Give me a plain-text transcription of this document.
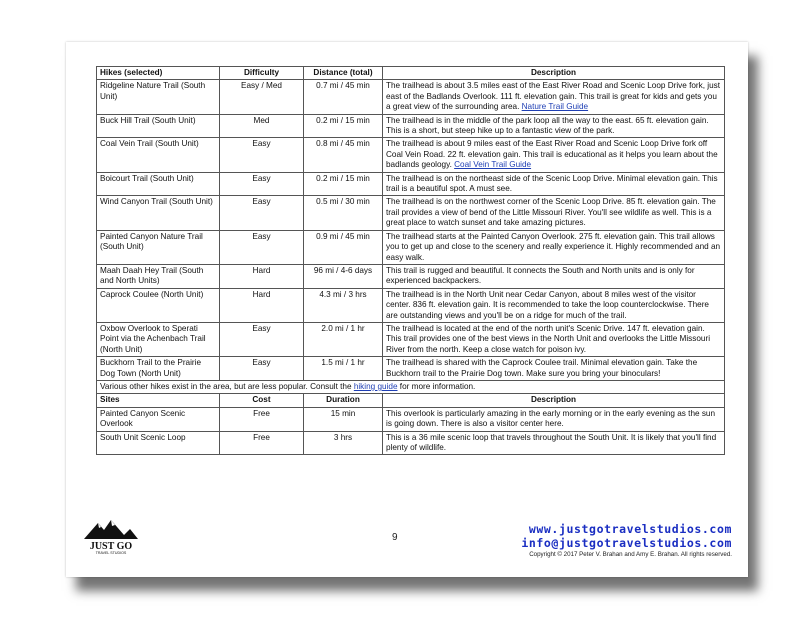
Hikes (selected)	Difficulty	Distance (total)	Description
Ridgeline Nature Trail (South Unit)	Easy / Med	0.7 mi / 45 min	The trailhead is about 3.5 miles east of the East River Road and Scenic Loop Drive fork, just east of the Badlands Overlook. 111 ft. elevation gain. This trail is great for kids and gets you a great view of the surrounding area. Nature Trail Guide
Buck Hill Trail (South Unit)	Med	0.2 mi / 15 min	The trailhead is in the middle of the park loop all the way to the east. 65 ft. elevation gain. This is a short, but steep hike up to a fantastic view of the park.
Coal Vein Trail (South Unit)	Easy	0.8 mi / 45 min	The trailhead is about 9 miles east of the East River Road and Scenic Loop Drive fork off Coal Vein Road. 22 ft. elevation gain. This trail is educational as it helps you learn about the badlands geology. Coal Vein Trail Guide
Boicourt Trail (South Unit)	Easy	0.2 mi / 15 min	The trailhead is on the northeast side of the Scenic Loop Drive. Minimal elevation gain. This trail is a beautiful spot. A must see.
Wind Canyon Trail (South Unit)	Easy	0.5 mi / 30 min	The trailhead is on the northwest corner of the Scenic Loop Drive. 85 ft. elevation gain. The trail provides a view of bend of the Little Missouri River. You'll see wildlife as well. This is a great place to watch sunset and take amazing pictures.
Painted Canyon Nature Trail (South Unit)	Easy	0.9 mi / 45 min	The trailhead starts at the Painted Canyon Overlook. 275 ft. elevation gain. This trail allows you to get up and close to the scenery and really experience it. Highly recommended and an easy walk.
Maah Daah Hey Trail (South and North Units)	Hard	96 mi / 4-6 days	This trail is rugged and beautiful. It connects the South and North units and is only for experienced backpackers.
Caprock Coulee (North Unit)	Hard	4.3 mi / 3 hrs	The trailhead is in the North Unit near Cedar Canyon, about 8 miles west of the visitor center. 836 ft. elevation gain. It is recommended to take the loop counterclockwise. There are outstanding views and you'll be on a ridge for much of the trail.
Oxbow Overlook to Sperati Point via the Achenbach Trail (North Unit)	Easy	2.0 mi / 1 hr	The trailhead is located at the end of the north unit's Scenic Drive. 147 ft. elevation gain. This trail provides one of the best views in the North Unit and overlooks the Little Missouri River from the north. Keep a close watch for poison ivy.
Buckhorn Trail to the Prairie Dog Town (North Unit)	Easy	1.5 mi / 1 hr	The trailhead is shared with the Caprock Coulee trail. Minimal elevation gain. Take the Buckhorn trail to the Prairie Dog town. Make sure you bring your binoculars!
Various other hikes exist in the area, but are less popular. Consult the hiking guide for more information.			
Sites	Cost	Duration	Description
Painted Canyon Scenic Overlook	Free	15 min	This overlook is particularly amazing in the early morning or in the early evening as the sun is going down. There is also a visitor center here.
South Unit Scenic Loop	Free	3 hrs	This is a 36 mile scenic loop that travels throughout the South Unit. It is likely that you'll find plenty of wildlife.
JUST GO
TRAVEL STUDIOS
9
www.justgotravelstudios.com
info@justgotravelstudios.com
Copyright © 2017 Peter V. Brahan and Amy E. Brahan. All rights reserved.
